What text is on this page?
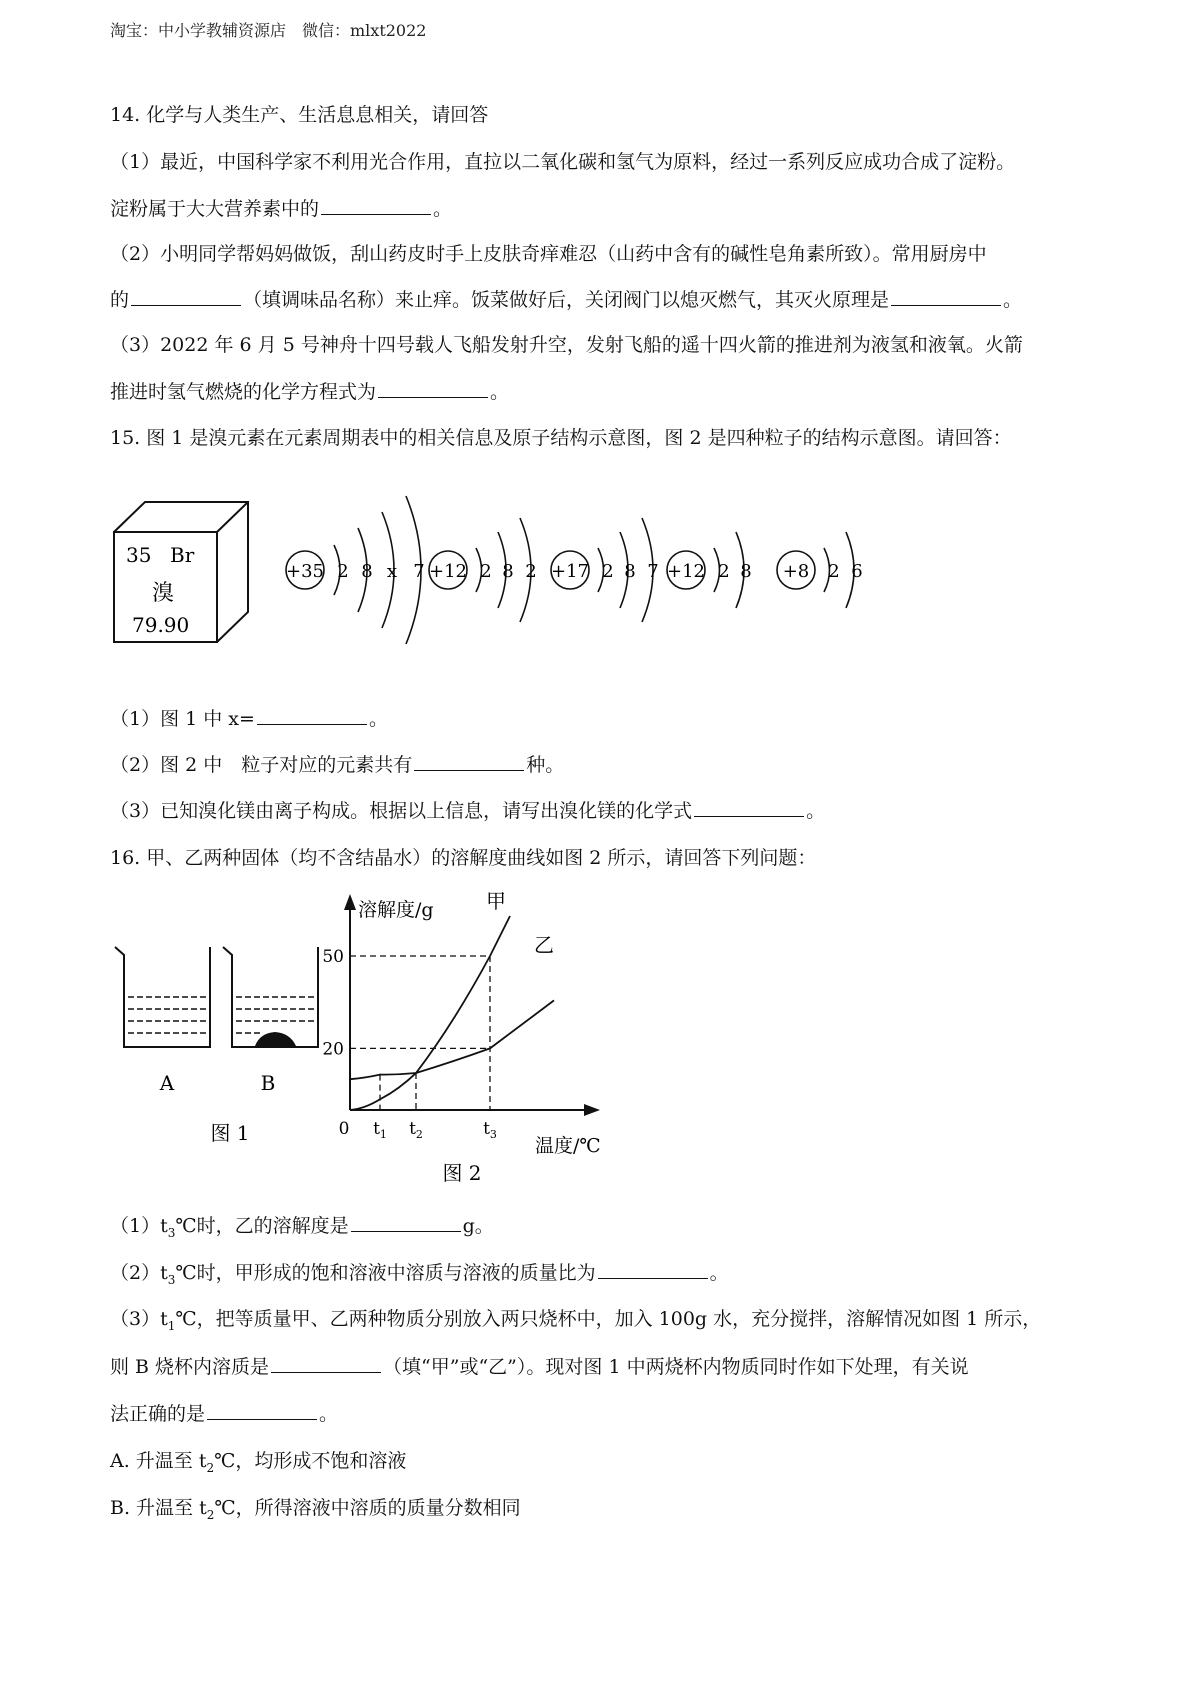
淘宝：中小学教辅资源店　微信：mlxt2022
14. 化学与人类生产、生活息息相关，请回答
（1）最近，中国科学家不利用光合作用，直拉以二氧化碳和氢气为原料，经过一系列反应成功合成了淀粉。
淀粉属于大大营养素中的	。
（2）小明同学帮妈妈做饭，刮山药皮时手上皮肤奇痒难忍（山药中含有的碱性皂角素所致）。常用厨房中
的	（填调味品名称）来止痒。饭菜做好后，关闭阀门以熄灭燃气，其灭火原理是	。
（3）2022 年 6 月 5 号神舟十四号载人飞船发射升空，发射飞船的遥十四火箭的推进剂为液氢和液氧。火箭
推进时氢气燃烧的化学方程式为	。
15. 图 1 是溴元素在元素周期表中的相关信息及原子结构示意图，图 2 是四种粒子的结构示意图。请回答：
35 Br
溴
79.90
+35 2 8 x 7 +12 2 8 2 +17 2 8 7 +12 2 8 +8 2 6
（1）图 1 中 x=	。
（2）图 2 中　粒子对应的元素共有	种。
（3）已知溴化镁由离子构成。根据以上信息，请写出溴化镁的化学式	。
16. 甲、乙两种固体（均不含结晶水）的溶解度曲线如图 2 所示，请回答下列问题：
A	B
图 1
溶解度/g
温度/℃
甲
乙
0 $t_1$ $t_2$	$t_3$
20
50
图 2
$(1)t_3℃$时，乙的溶解度是	g。
$(2)t_3℃$时，甲形成的饱和溶液中溶质与溶液的质量比为	。
$(3)t_1℃$，把等质量甲、乙两种物质分别放入两只烧杯中，加入 100g 水，充分搅拌，溶解情况如图 1 所示，
则 B 烧杯内溶质是	（填“甲”或“乙”）。现对图 1 中两烧杯内物质同时作如下处理，有关说
法正确的是	。
A. 升温至 $t_2℃$，均形成不饱和溶液
B. 升温至 $t_2℃$，所得溶液中溶质的质量分数相同
